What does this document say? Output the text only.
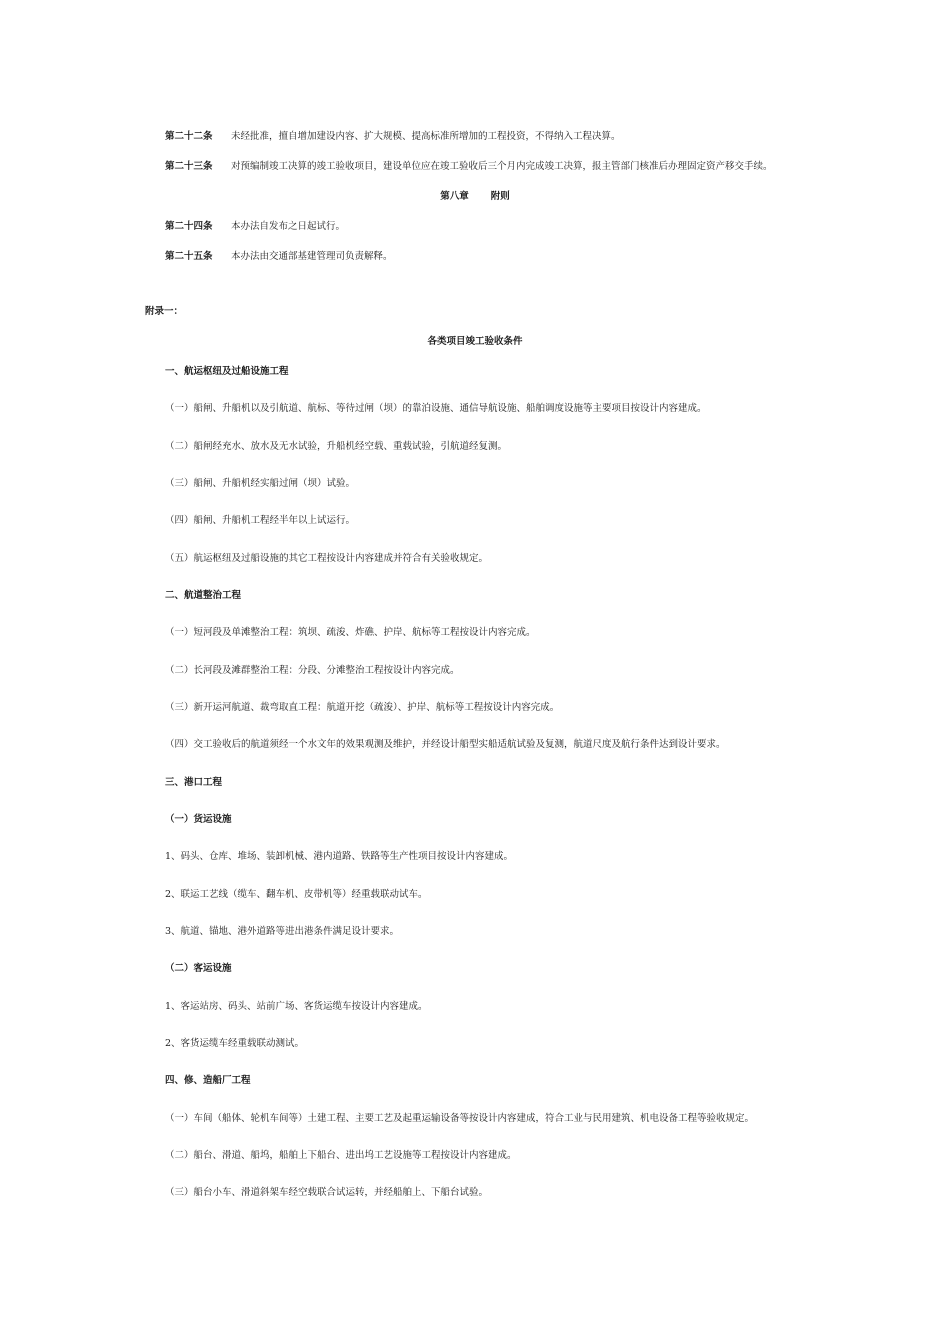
第二十二条 未经批准，擅自增加建设内容、扩大规模、提高标准所增加的工程投资，不得纳入工程决算。
第二十三条 对预编制竣工决算的竣工验收项目，建设单位应在竣工验收后三个月内完成竣工决算，报主管部门核准后办理固定资产移交手续。
第八章 附则
第二十四条 本办法自发布之日起试行。
第二十五条 本办法由交通部基建管理司负责解释。
附录一：
各类项目竣工验收条件
一、航运枢纽及过船设施工程
（一）船闸、升船机以及引航道、航标、等待过闸（坝）的靠泊设施、通信导航设施、船舶调度设施等主要项目按设计内容建成。
（二）船闸经充水、放水及无水试验，升船机经空载、重载试验，引航道经复测。
（三）船闸、升船机经实船过闸（坝）试验。
（四）船闸、升船机工程经半年以上试运行。
（五）航运枢纽及过船设施的其它工程按设计内容建成并符合有关验收规定。
二、航道整治工程
（一）短河段及单滩整治工程：筑坝、疏浚、炸礁、护岸、航标等工程按设计内容完成。
（二）长河段及滩群整治工程：分段、分滩整治工程按设计内容完成。
（三）新开运河航道、裁弯取直工程：航道开挖（疏浚）、护岸、航标等工程按设计内容完成。
（四）交工验收后的航道须经一个水文年的效果观测及维护，并经设计船型实船适航试验及复测，航道尺度及航行条件达到设计要求。
三、港口工程
（一）货运设施
1、码头、仓库、堆场、装卸机械、港内道路、铁路等生产性项目按设计内容建成。
2、联运工艺线（缆车、翻车机、皮带机等）经重载联动试车。
3、航道、锚地、港外道路等进出港条件满足设计要求。
（二）客运设施
1、客运站房、码头、站前广场、客货运缆车按设计内容建成。
2、客货运缆车经重载联动测试。
四、修、造船厂工程
（一）车间（船体、轮机车间等）土建工程、主要工艺及起重运输设备等按设计内容建成，符合工业与民用建筑、机电设备工程等验收规定。
（二）船台、滑道、船坞，船舶上下船台、进出坞工艺设施等工程按设计内容建成。
（三）船台小车、滑道斜架车经空载联合试运转，并经船舶上、下船台试验。
